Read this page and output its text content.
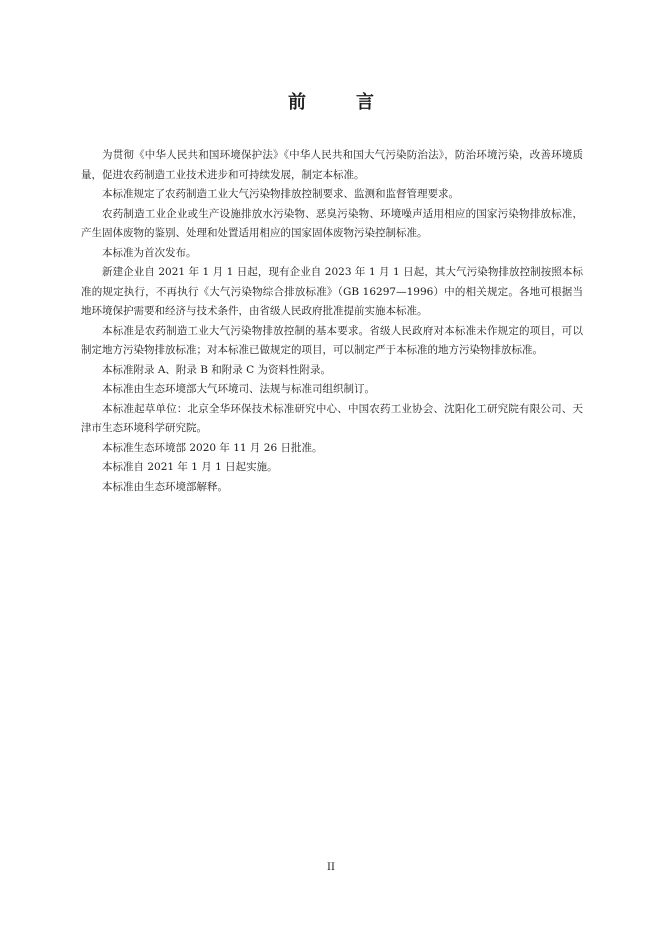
前　言

为贯彻《中华人民共和国环境保护法》《中华人民共和国大气污染防治法》，防治环境污染，改善环境质量，促进农药制造工业技术进步和可持续发展，制定本标准。

本标准规定了农药制造工业大气污染物排放控制要求、监测和监督管理要求。

农药制造工业企业或生产设施排放水污染物、恶臭污染物、环境噪声适用相应的国家污染物排放标准，产生固体废物的鉴别、处理和处置适用相应的国家固体废物污染控制标准。

本标准为首次发布。

新建企业自 2021 年 1 月 1 日起，现有企业自 2023 年 1 月 1 日起，其大气污染物排放控制按照本标准的规定执行，不再执行《大气污染物综合排放标准》（GB 16297—1996）中的相关规定。各地可根据当地环境保护需要和经济与技术条件，由省级人民政府批准提前实施本标准。

本标准是农药制造工业大气污染物排放控制的基本要求。省级人民政府对本标准未作规定的项目，可以制定地方污染物排放标准；对本标准已做规定的项目，可以制定严于本标准的地方污染物排放标准。

本标准附录 A、附录 B 和附录 C 为资料性附录。

本标准由生态环境部大气环境司、法规与标准司组织制订。

本标准起草单位：北京全华环保技术标准研究中心、中国农药工业协会、沈阳化工研究院有限公司、天津市生态环境科学研究院。

本标准生态环境部 2020 年 11 月 26 日批准。

本标准自 2021 年 1 月 1 日起实施。

本标准由生态环境部解释。

II
